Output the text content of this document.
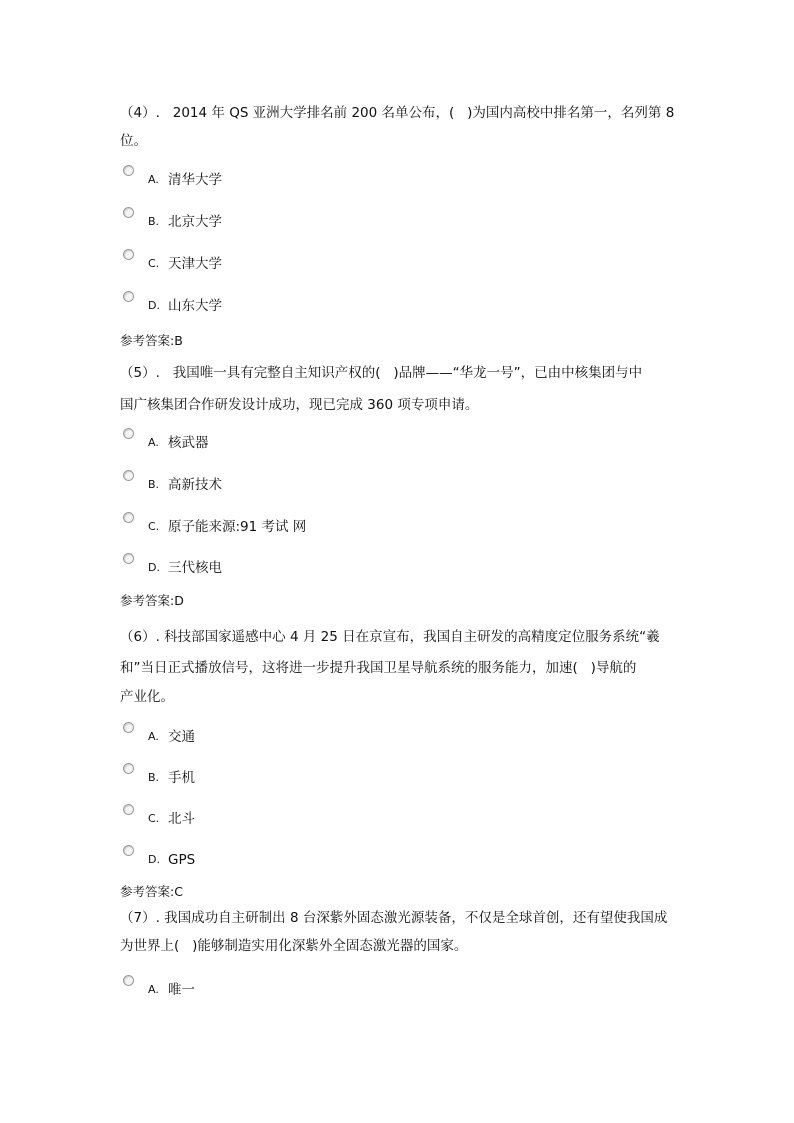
（4）.   2014 年 QS 亚洲大学排名前 200 名单公布，(   )为国内高校中排名第一，名列第 8
位。
A. 清华大学
B. 北京大学
C. 天津大学
D. 山东大学
参考答案:B
（5）.   我国唯一具有完整自主知识产权的(   )品牌——“华龙一号”，已由中核集团与中
国广核集团合作研发设计成功，现已完成 360 项专项申请。
A. 核武器
B. 高新技术
C. 原子能来源:91 考试 网
D. 三代核电
参考答案:D
（6）. 科技部国家遥感中心 4 月 25 日在京宣布，我国自主研发的高精度定位服务系统“羲
和”当日正式播放信号，这将进一步提升我国卫星导航系统的服务能力，加速(   )导航的
产业化。
A. 交通
B. 手机
C. 北斗
D. GPS
参考答案:C
（7）. 我国成功自主研制出 8 台深紫外固态激光源装备，不仅是全球首创，还有望使我国成
为世界上(   )能够制造实用化深紫外全固态激光器的国家。
A. 唯一
